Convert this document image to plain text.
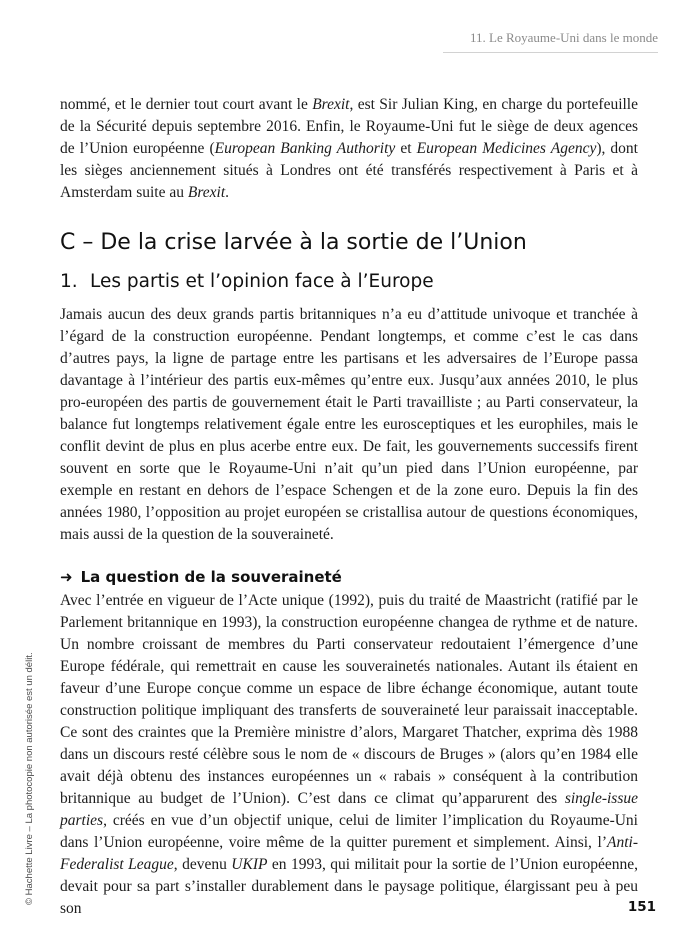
11. Le Royaume-Uni dans le monde
© Hachette Livre – La photocopie non autorisée est un délit.

nommé, et le dernier tout court avant le Brexit, est Sir Julian King, en charge du portefeuille de la Sécurité depuis septembre 2016. Enfin, le Royaume-Uni fut le siège de deux agences de l’Union européenne (European Banking Authority et European Medicines Agency), dont les sièges anciennement situés à Londres ont été transférés respectivement à Paris et à Amsterdam suite au Brexit.

C – De la crise larvée à la sortie de l’Union
1. Les partis et l’opinion face à l’Europe

Jamais aucun des deux grands partis britanniques n’a eu d’attitude univoque et tranchée à l’égard de la construction européenne. Pendant longtemps, et comme c’est le cas dans d’autres pays, la ligne de partage entre les partisans et les adversaires de l’Europe passa davantage à l’intérieur des partis eux-mêmes qu’entre eux. Jusqu’aux années 2010, le plus pro-européen des partis de gouvernement était le Parti travailliste ; au Parti conservateur, la balance fut longtemps relativement égale entre les eurosceptiques et les europhiles, mais le conflit devint de plus en plus acerbe entre eux. De fait, les gouvernements successifs firent souvent en sorte que le Royaume-Uni n’ait qu’un pied dans l’Union européenne, par exemple en restant en dehors de l’espace Schengen et de la zone euro. Depuis la fin des années 1980, l’opposition au projet européen se cristallisa autour de questions économiques, mais aussi de la question de la souveraineté.

➜ La question de la souveraineté

Avec l’entrée en vigueur de l’Acte unique (1992), puis du traité de Maastricht (ratifié par le Parlement britannique en 1993), la construction européenne changea de rythme et de nature. Un nombre croissant de membres du Parti conservateur redoutaient l’émergence d’une Europe fédérale, qui remettrait en cause les souverainetés nationales. Autant ils étaient en faveur d’une Europe conçue comme un espace de libre échange économique, autant toute construction politique impliquant des transferts de souveraineté leur paraissait inacceptable. Ce sont des craintes que la Première ministre d’alors, Margaret Thatcher, exprima dès 1988 dans un discours resté célèbre sous le nom de « discours de Bruges » (alors qu’en 1984 elle avait déjà obtenu des instances européennes un « rabais » conséquent à la contribution britannique au budget de l’Union). C’est dans ce climat qu’apparurent des single-issue parties, créés en vue d’un objectif unique, celui de limiter l’implication du Royaume-Uni dans l’Union européenne, voire même de la quitter purement et simplement. Ainsi, l’Anti-Federalist League, devenu UKIP en 1993, qui militait pour la sortie de l’Union européenne, devait pour sa part s’installer durablement dans le paysage politique, élargissant peu à peu son	151
